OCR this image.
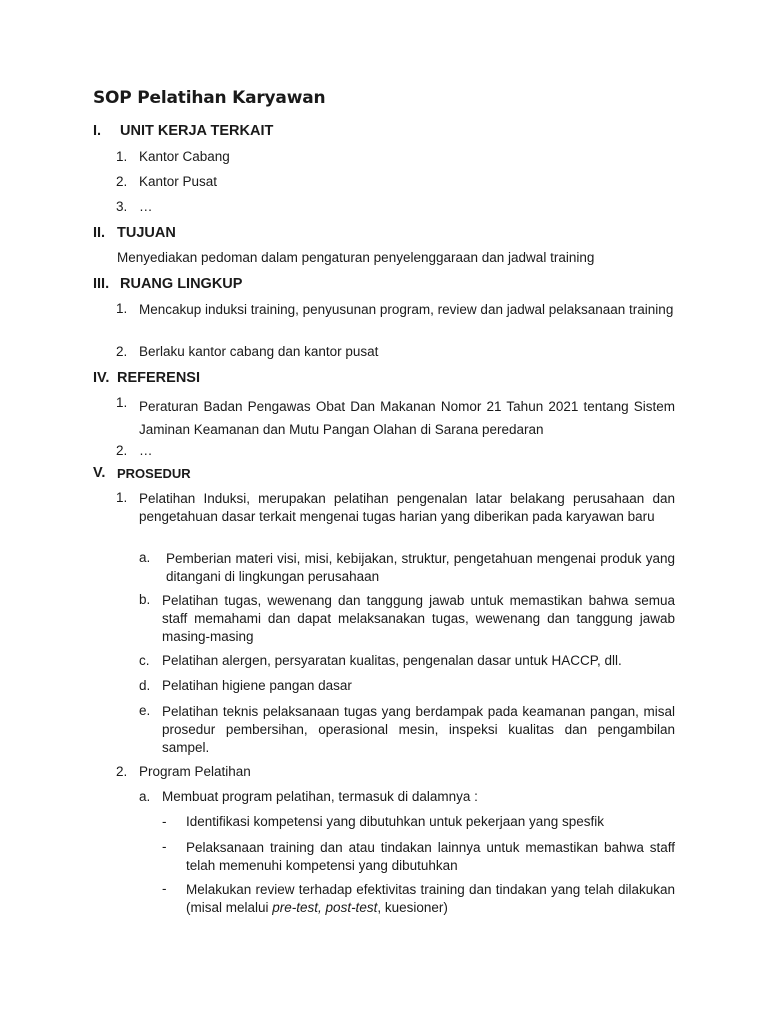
SOP Pelatihan Karyawan
I. UNIT KERJA TERKAIT
1. Kantor Cabang
2. Kantor Pusat
3. …
II. TUJUAN
Menyediakan pedoman dalam pengaturan penyelenggaraan dan jadwal training
III. RUANG LINGKUP
1. Mencakup induksi training, penyusunan program, review dan jadwal pelaksanaan training
2. Berlaku kantor cabang dan kantor pusat
IV. REFERENSI
1. Peraturan Badan Pengawas Obat Dan Makanan Nomor 21 Tahun 2021 tentang Sistem Jaminan Keamanan dan Mutu Pangan Olahan di Sarana peredaran
2. …
V. PROSEDUR
1. Pelatihan Induksi, merupakan pelatihan pengenalan latar belakang perusahaan dan pengetahuan dasar terkait mengenai tugas harian yang diberikan pada karyawan baru
a. Pemberian materi visi, misi, kebijakan, struktur, pengetahuan mengenai produk yang ditangani di lingkungan perusahaan
b. Pelatihan tugas, wewenang dan tanggung jawab untuk memastikan bahwa semua staff memahami dan dapat melaksanakan tugas, wewenang dan tanggung jawab masing-masing
c. Pelatihan alergen, persyaratan kualitas, pengenalan dasar untuk HACCP, dll.
d. Pelatihan higiene pangan dasar
e. Pelatihan teknis pelaksanaan tugas yang berdampak pada keamanan pangan, misal prosedur pembersihan, operasional mesin, inspeksi kualitas dan pengambilan sampel.
2. Program Pelatihan
a. Membuat program pelatihan, termasuk di dalamnya :
- Identifikasi kompetensi yang dibutuhkan untuk pekerjaan yang spesfik
- Pelaksanaan training dan atau tindakan lainnya untuk memastikan bahwa staff telah memenuhi kompetensi yang dibutuhkan
- Melakukan review terhadap efektivitas training dan tindakan yang telah dilakukan (misal melalui pre-test, post-test, kuesioner)
